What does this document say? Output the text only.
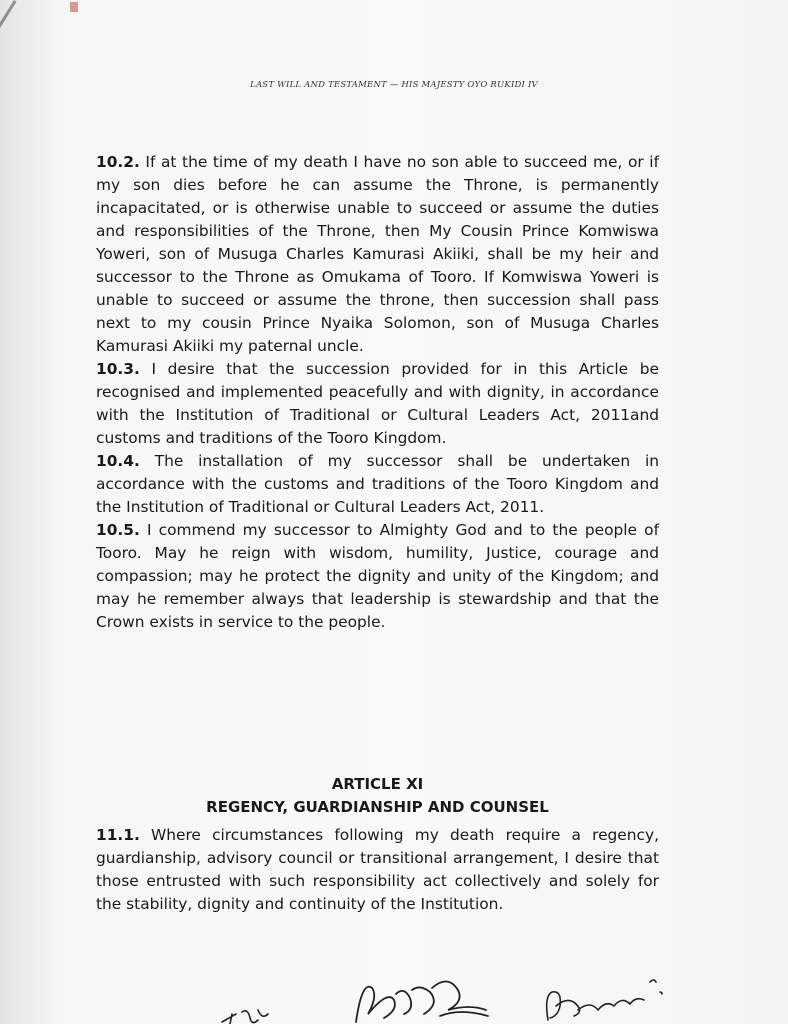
LAST WILL AND TESTAMENT — HIS MAJESTY OYO RUKIDI IV

10.2. If at the time of my death I have no son able to succeed me, or if my son dies before he can assume the Throne, is permanently incapacitated, or is otherwise unable to succeed or assume the duties and responsibilities of the Throne, then My Cousin Prince Komwiswa Yoweri, son of Musuga Charles Kamurasi Akiiki, shall be my heir and successor to the Throne as Omukama of Tooro. If Komwiswa Yoweri is unable to succeed or assume the throne, then succession shall pass next to my cousin Prince Nyaika Solomon, son of Musuga Charles Kamurasi Akiiki my paternal uncle.

10.3. I desire that the succession provided for in this Article be recognised and implemented peacefully and with dignity, in accordance with the Institution of Traditional or Cultural Leaders Act, 2011and customs and traditions of the Tooro Kingdom.

10.4. The installation of my successor shall be undertaken in accordance with the customs and traditions of the Tooro Kingdom and the Institution of Traditional or Cultural Leaders Act, 2011.

10.5. I commend my successor to Almighty God and to the people of Tooro. May he reign with wisdom, humility, Justice, courage and compassion; may he protect the dignity and unity of the Kingdom; and may he remember always that leadership is stewardship and that the Crown exists in service to the people.

ARTICLE XI
REGENCY, GUARDIANSHIP AND COUNSEL

11.1. Where circumstances following my death require a regency, guardianship, advisory council or transitional arrangement, I desire that those entrusted with such responsibility act collectively and solely for the stability, dignity and continuity of the Institution.
